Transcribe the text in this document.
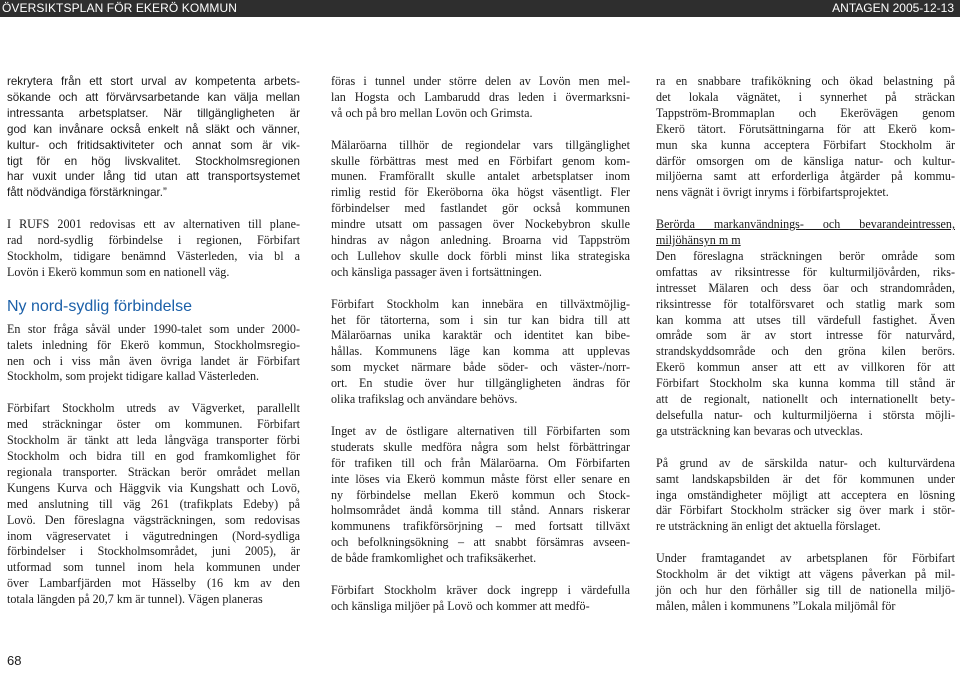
ÖVERSIKTSPLAN FÖR EKERÖ KOMMUN	ANTAGEN 2005-12-13

rekrytera från ett stort urval av kompetenta arbets-
sökande och att förvärvsarbetande kan välja mellan
intressanta arbetsplatser. När tillgängligheten är
god kan invånare också enkelt nå släkt och vänner,
kultur- och fritidsaktiviteter och annat som är vik-
tigt för en hög livskvalitet. Stockholmsregionen
har vuxit under lång tid utan att transportsystemet
fått nödvändiga förstärkningar.”

I RUFS 2001 redovisas ett av alternativen till plane-
rad nord-sydlig förbindelse i regionen, Förbifart
Stockholm, tidigare benämnd Västerleden, via bl a
Lovön i Ekerö kommun som en nationell väg.

Ny nord-sydlig förbindelse

En stor fråga såväl under 1990-talet som under 2000-
talets inledning för Ekerö kommun, Stockholmsregio-
nen och i viss mån även övriga landet är Förbifart
Stockholm, som projekt tidigare kallad Västerleden.

Förbifart Stockholm utreds av Vägverket, parallellt
med sträckningar öster om kommunen. Förbifart
Stockholm är tänkt att leda långväga transporter förbi
Stockholm och bidra till en god framkomlighet för
regionala transporter. Sträckan berör området mellan
Kungens Kurva och Häggvik via Kungshatt och Lovö,
med anslutning till väg 261 (trafikplats Edeby) på
Lovö. Den föreslagna vägsträckningen, som redovisas
inom vägreservatet i vägutredningen (Nord-sydliga
förbindelser i Stockholmsområdet, juni 2005), är
utformad som tunnel inom hela kommunen under
över Lambarfjärden mot Hässelby (16 km av den
totala längden på 20,7 km är tunnel). Vägen planeras

föras i tunnel under större delen av Lovön men mel-
lan Hogsta och Lambarudd dras leden i övermarksni-
vå och på bro mellan Lovön och Grimsta.

Mälaröarna tillhör de regiondelar vars tillgänglighet
skulle förbättras mest med en Förbifart genom kom-
munen. Framförallt skulle antalet arbetsplatser inom
rimlig restid för Ekeröborna öka högst väsentligt. Fler
förbindelser med fastlandet gör också kommunen
mindre utsatt om passagen över Nockebybron skulle
hindras av någon anledning. Broarna vid Tappström
och Lullehov skulle dock förbli minst lika strategiska
och känsliga passager även i fortsättningen.

Förbifart Stockholm kan innebära en tillväxtmöjlig-
het för tätorterna, som i sin tur kan bidra till att
Mälaröarnas unika karaktär och identitet kan bibe-
hållas. Kommunens läge kan komma att upplevas
som mycket närmare både söder- och väster-/norr-
ort. En studie över hur tillgängligheten ändras för
olika trafikslag och användare behövs.

Inget av de östligare alternativen till Förbifarten som
studerats skulle medföra några som helst förbättringar
för trafiken till och från Mälaröarna. Om Förbifarten
inte löses via Ekerö kommun måste först eller senare en
ny förbindelse mellan Ekerö kommun och Stock-
holmsområdet ändå komma till stånd. Annars riskerar
kommunens trafikförsörjning – med fortsatt tillväxt
och befolkningsökning – att snabbt försämras avseen-
de både framkomlighet och trafiksäkerhet.

Förbifart Stockholm kräver dock ingrepp i värdefulla
och känsliga miljöer på Lovö och kommer att medfö-

ra en snabbare trafikökning och ökad belastning på
det lokala vägnätet, i synnerhet på sträckan
Tappström-Brommaplan och Ekerövägen genom
Ekerö tätort. Förutsättningarna för att Ekerö kom-
mun ska kunna acceptera Förbifart Stockholm är
därför omsorgen om de känsliga natur- och kultur-
miljöerna samt att erforderliga åtgärder på kommu-
nens vägnät i övrigt inryms i förbifartsprojektet.

Berörda markanvändnings- och bevarandeintressen,
miljöhänsyn m m

Den föreslagna sträckningen berör område som
omfattas av riksintresse för kulturmiljövården, riks-
intresset Mälaren och dess öar och strandområden,
riksintresse för totalförsvaret och statlig mark som
kan komma att utses till värdefull fastighet. Även
område som är av stort intresse för naturvård,
strandskyddsområde och den gröna kilen berörs.
Ekerö kommun anser att ett av villkoren för att
Förbifart Stockholm ska kunna komma till stånd är
att de regionalt, nationellt och internationellt bety-
delsefulla natur- och kulturmiljöerna i största möjli-
ga utsträckning kan bevaras och utvecklas.

På grund av de särskilda natur- och kulturvärdena
samt landskapsbilden är det för kommunen under
inga omständigheter möjligt att acceptera en lösning
där Förbifart Stockholm sträcker sig över mark i stör-
re utsträckning än enligt det aktuella förslaget.

Under framtagandet av arbetsplanen för Förbifart
Stockholm är det viktigt att vägens påverkan på mil-
jön och hur den förhåller sig till de nationella miljö-
målen, målen i kommunens ”Lokala miljömål för

68
